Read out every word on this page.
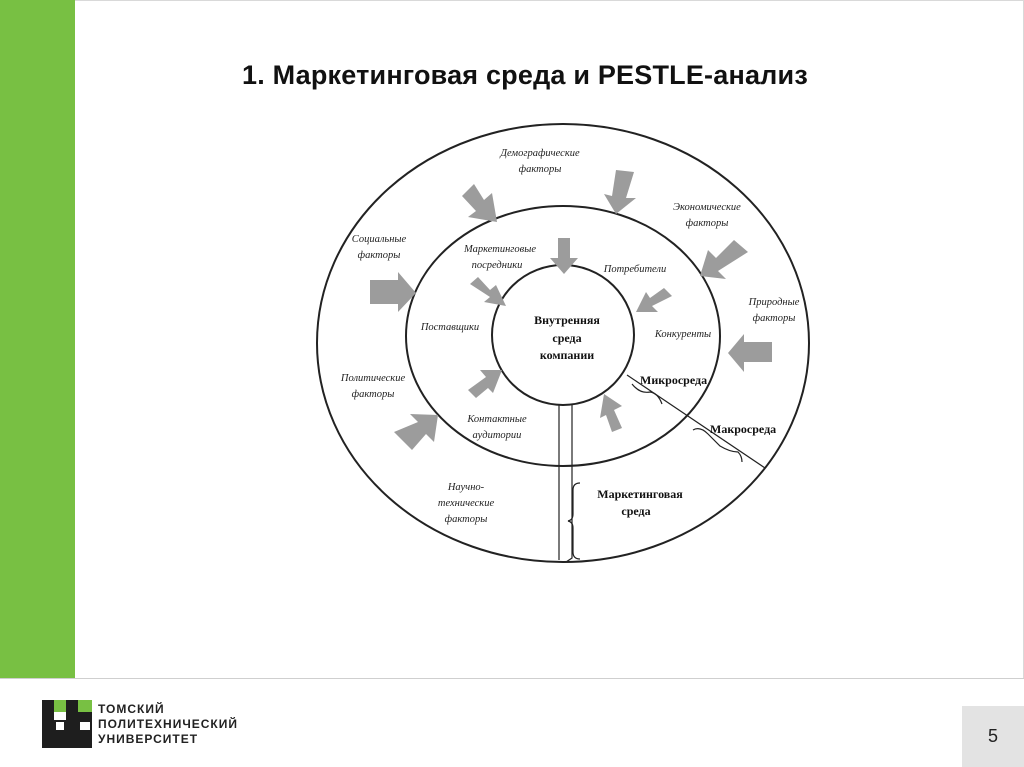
1. Маркетинговая среда и PESTLE-анализ
Внутренняя
среда
компании
Маркетинговые
посредники	Потребители
Поставщики
Конкуренты
Контактные
аудитории
Демографические
факторы
Экономические
факторы
Социальные
факторы
Природные
факторы
Политические
факторы
Научно-
технические
факторы
Микросреда
Макросреда
Маркетинговая
среда
ТОМСКИЙ
ПОЛИТЕХНИЧЕСКИЙ
УНИВЕРСИТЕТ	5
